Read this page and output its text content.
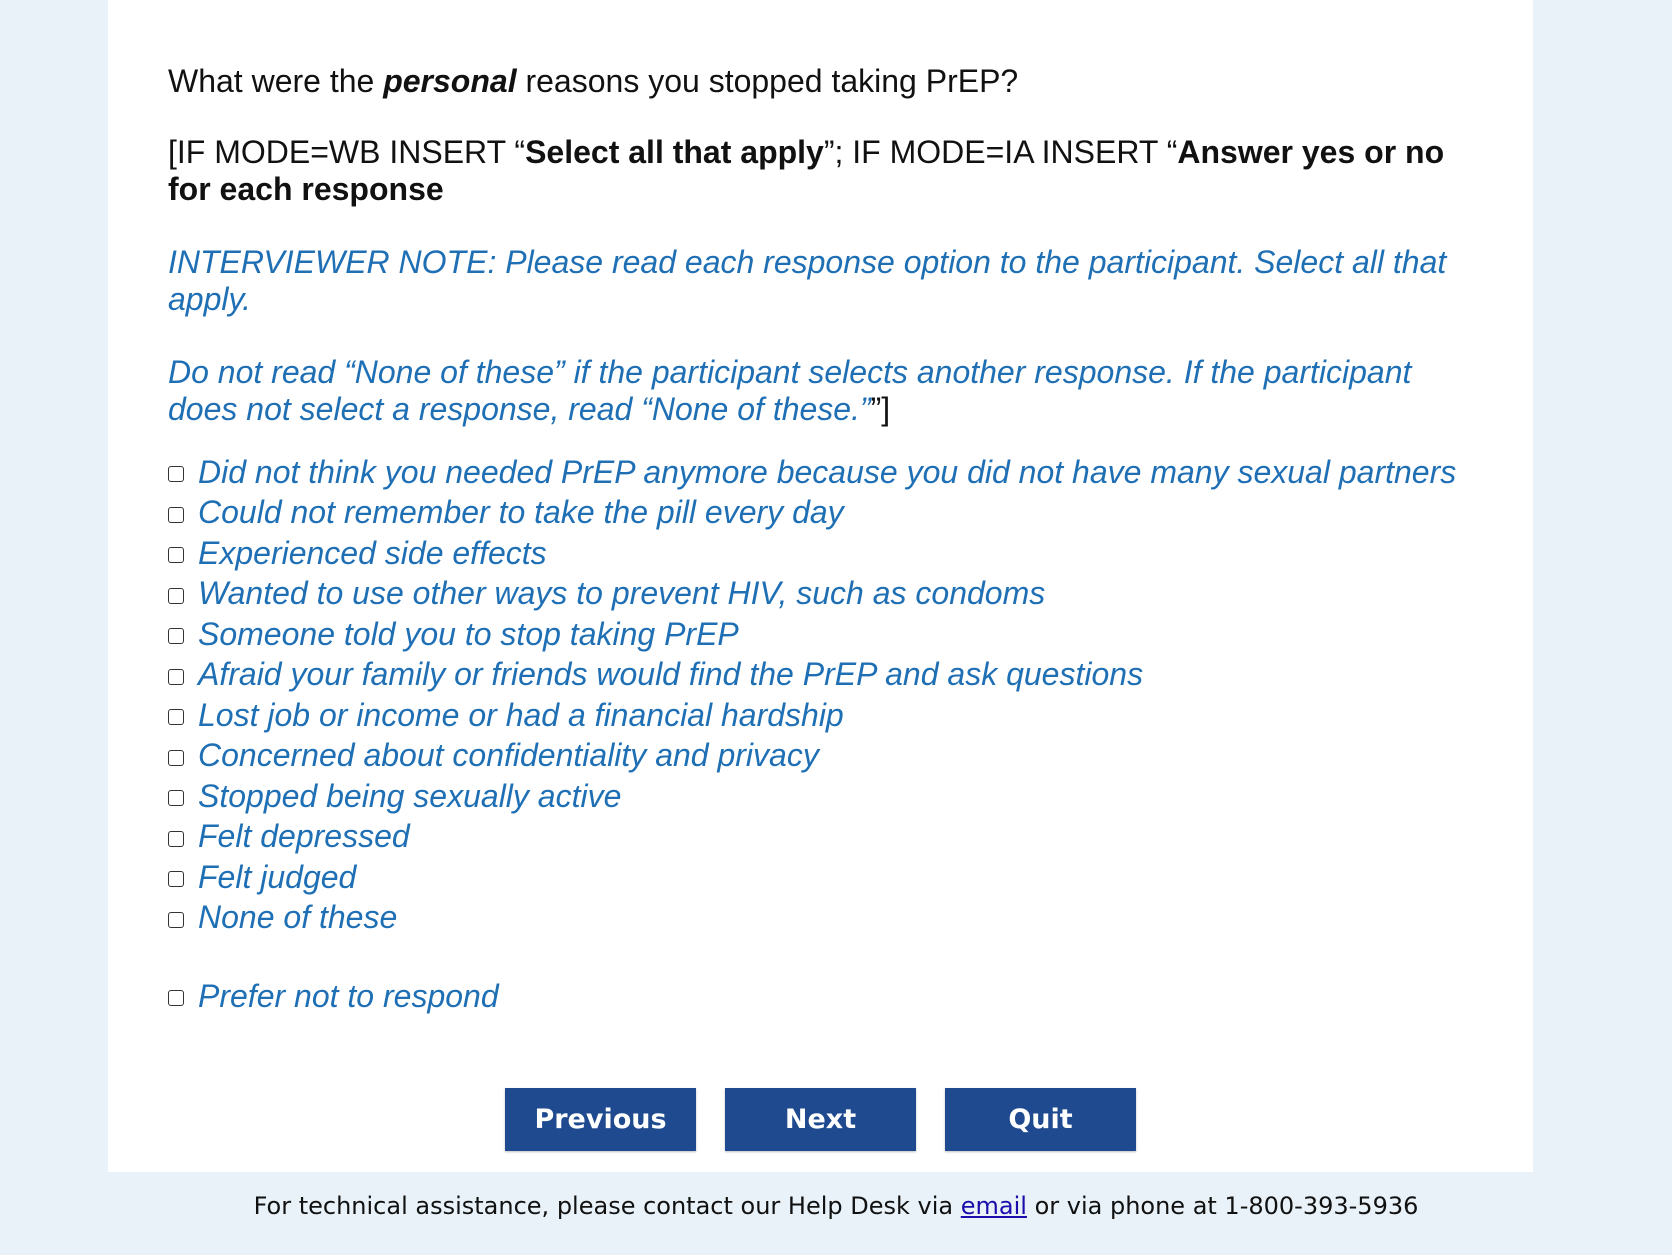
What were the personal reasons you stopped taking PrEP?

[IF MODE=WB INSERT “Select all that apply”; IF MODE=IA INSERT “Answer yes or no for each response

INTERVIEWER NOTE: Please read each response option to the participant. Select all that apply.

Do not read “None of these” if the participant selects another response. If the participant does not select a response, read “None of these.””]

Did not think you needed PrEP anymore because you did not have many sexual partners
Could not remember to take the pill every day
Experienced side effects
Wanted to use other ways to prevent HIV, such as condoms
Someone told you to stop taking PrEP
Afraid your family or friends would find the PrEP and ask questions
Lost job or income or had a financial hardship
Concerned about confidentiality and privacy
Stopped being sexually active
Felt depressed
Felt judged
None of these
Prefer not to respond
Previous	Next	Quit
For technical assistance, please contact our Help Desk via email or via phone at 1-800-393-5936
